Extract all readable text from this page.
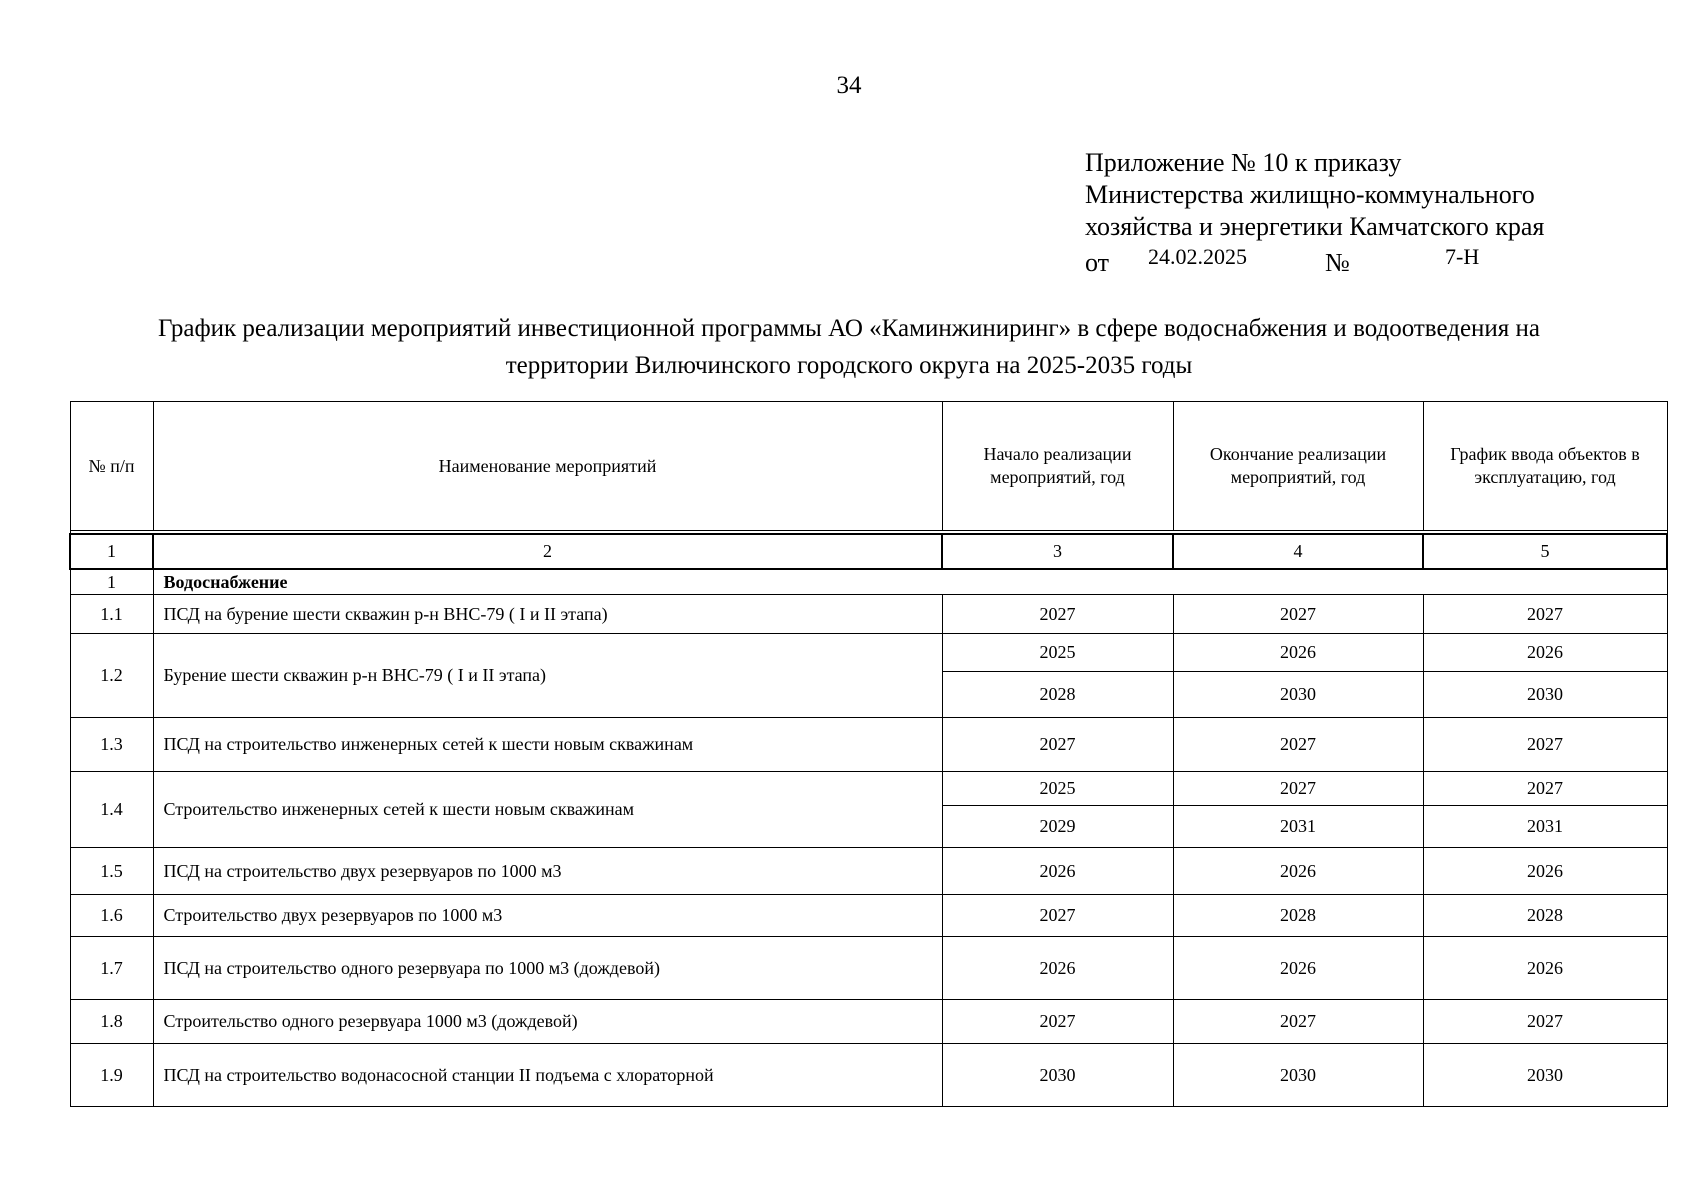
34
Приложение № 10 к приказу
Министерства жилищно-коммунального
хозяйства и энергетики Камчатского края
от 24.02.2025	№	7-Н
График реализации мероприятий инвестиционной программы АО «Каминжиниринг» в сфере водоснабжения и водоотведения на
территории Вилючинского городского округа на 2025-2035 годы
№ п/п	Наименование мероприятий	Начало реализации мероприятий, год	Окончание реализации мероприятий, год	График ввода объектов в эксплуатацию, год

1	2	3	4	5
1	Водоснабжение			
1.1	ПСД на бурение шести скважин р-н ВНС-79 ( I и II этапа)	2027	2027	2027
1.2	Бурение шести скважин р-н ВНС-79 ( I и II этапа)	2025	2026	2026
		2028	2030	2030
1.3	ПСД на строительство инженерных сетей к шести новым скважинам	2027	2027	2027
1.4	Строительство инженерных сетей к шести новым скважинам	2025	2027	2027
		2029	2031	2031
1.5	ПСД на строительство двух резервуаров по 1000 м3	2026	2026	2026
1.6	Строительство двух резервуаров по 1000 м3	2027	2028	2028
1.7	ПСД на строительство одного резервуара по 1000 м3 (дождевой)	2026	2026	2026
1.8	Строительство одного резервуара 1000 м3 (дождевой)	2027	2027	2027
1.9	ПСД на строительство водонасосной станции II подъема с хлораторной	2030	2030	2030
